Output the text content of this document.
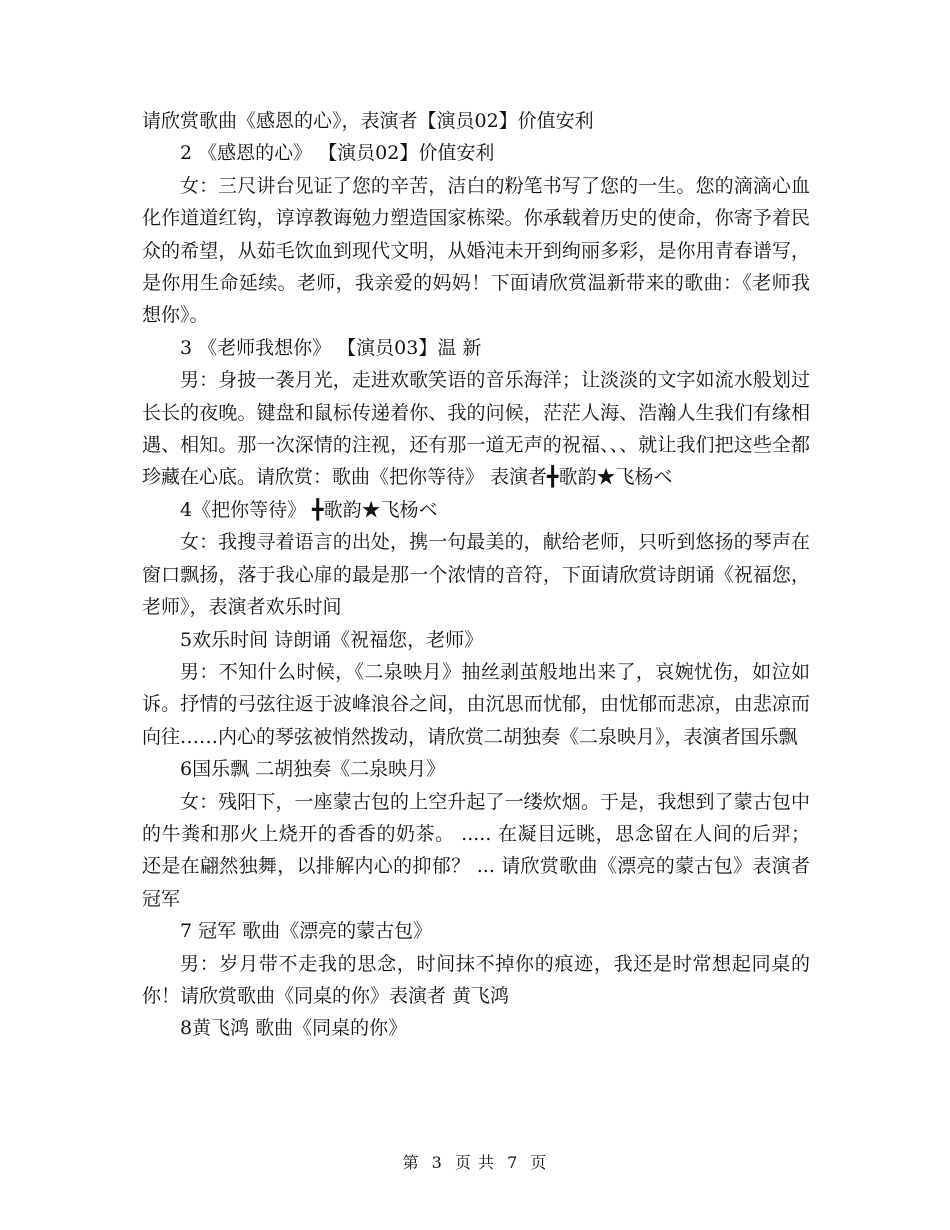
请欣赏歌曲《感恩的心》，表演者【演员02】价值安利

2 《感恩的心》 【演员02】价值安利

女：三尺讲台见证了您的辛苦，洁白的粉笔书写了您的一生。您的滴滴心血化作道道红钩，谆谆教诲勉力塑造国家栋梁。你承载着历史的使命，你寄予着民众的希望，从茹毛饮血到现代文明，从婚沌未开到绚丽多彩，是你用青春谱写，是你用生命延续。老师，我亲爱的妈妈！下面请欣赏温新带来的歌曲：《老师我想你》。

3 《老师我想你》 【演员03】温 新

男：身披一袭月光，走进欢歌笑语的音乐海洋；让淡淡的文字如流水般划过长长的夜晚。键盘和鼠标传递着你、我的问候，茫茫人海、浩瀚人生我们有缘相遇、相知。那一次深情的注视，还有那一道无声的祝福、、、就让我们把这些全都珍藏在心底。请欣赏：歌曲《把你等待》 表演者╋歌韵★飞杨ベ

4《把你等待》 ╋歌韵★飞杨ベ

女：我搜寻着语言的出处，携一句最美的，献给老师，只听到悠扬的琴声在窗口飘扬，落于我心扉的最是那一个浓情的音符，下面请欣赏诗朗诵《祝福您，老师》，表演者欢乐时间

5欢乐时间 诗朗诵《祝福您，老师》

男：不知什么时候，《二泉映月》抽丝剥茧般地出来了，哀婉忧伤，如泣如诉。抒情的弓弦往返于波峰浪谷之间，由沉思而忧郁，由忧郁而悲凉，由悲凉而向往……内心的琴弦被悄然拨动，请欣赏二胡独奏《二泉映月》，表演者国乐飘

6国乐飘 二胡独奏《二泉映月》

女：残阳下，一座蒙古包的上空升起了一缕炊烟。于是，我想到了蒙古包中的牛粪和那火上烧开的香香的奶茶。 ..... 在凝目远眺，思念留在人间的后羿；还是在翩然独舞，以排解内心的抑郁？ ... 请欣赏歌曲《漂亮的蒙古包》表演者冠军

7 冠军 歌曲《漂亮的蒙古包》

男：岁月带不走我的思念，时间抹不掉你的痕迹，我还是时常想起同桌的你！请欣赏歌曲《同桌的你》表演者 黄飞鸿

8黄飞鸿 歌曲《同桌的你》

第 3 页 共 7 页
